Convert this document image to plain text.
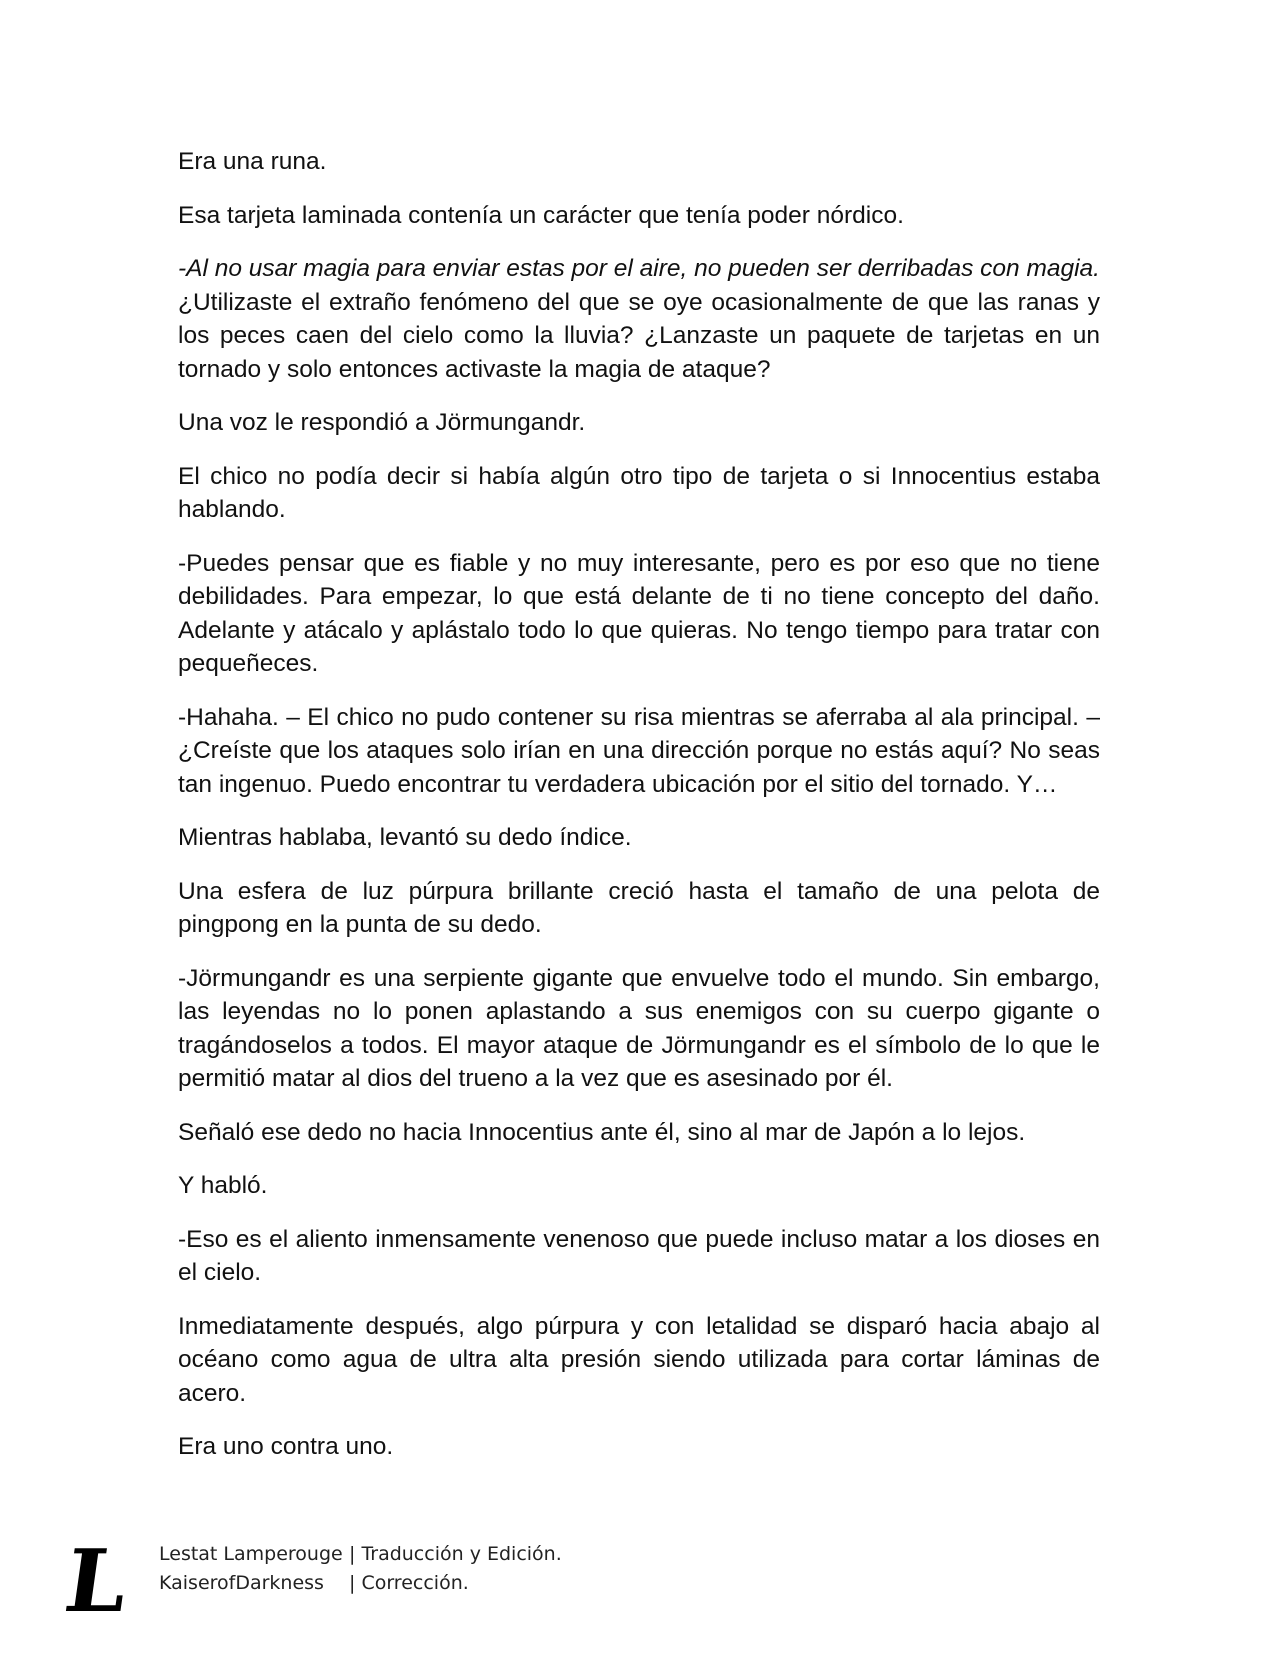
Era una runa.

Esa tarjeta laminada contenía un carácter que tenía poder nórdico.

-Al no usar magia para enviar estas por el aire, no pueden ser derribadas con magia. ¿Utilizaste el extraño fenómeno del que se oye ocasionalmente de que las ranas y los peces caen del cielo como la lluvia? ¿Lanzaste un paquete de tarjetas en un tornado y solo entonces activaste la magia de ataque?

Una voz le respondió a Jörmungandr.

El chico no podía decir si había algún otro tipo de tarjeta o si Innocentius estaba hablando.

-Puedes pensar que es fiable y no muy interesante, pero es por eso que no tiene debilidades. Para empezar, lo que está delante de ti no tiene concepto del daño. Adelante y atácalo y aplástalo todo lo que quieras. No tengo tiempo para tratar con pequeñeces.

-Hahaha. – El chico no pudo contener su risa mientras se aferraba al ala principal. – ¿Creíste que los ataques solo irían en una dirección porque no estás aquí? No seas tan ingenuo. Puedo encontrar tu verdadera ubicación por el sitio del tornado. Y…

Mientras hablaba, levantó su dedo índice.

Una esfera de luz púrpura brillante creció hasta el tamaño de una pelota de pingpong en la punta de su dedo.

-Jörmungandr es una serpiente gigante que envuelve todo el mundo. Sin embargo, las leyendas no lo ponen aplastando a sus enemigos con su cuerpo gigante o tragándoselos a todos. El mayor ataque de Jörmungandr es el símbolo de lo que le permitió matar al dios del trueno a la vez que es asesinado por él.

Señaló ese dedo no hacia Innocentius ante él, sino al mar de Japón a lo lejos.

Y habló.

-Eso es el aliento inmensamente venenoso que puede incluso matar a los dioses en el cielo.

Inmediatamente después, algo púrpura y con letalidad se disparó hacia abajo al océano como agua de ultra alta presión siendo utilizada para cortar láminas de acero.

Era uno contra uno.

L Lestat Lamperouge | Traducción y Edición.
KaiserofDarkness	| Corrección.
